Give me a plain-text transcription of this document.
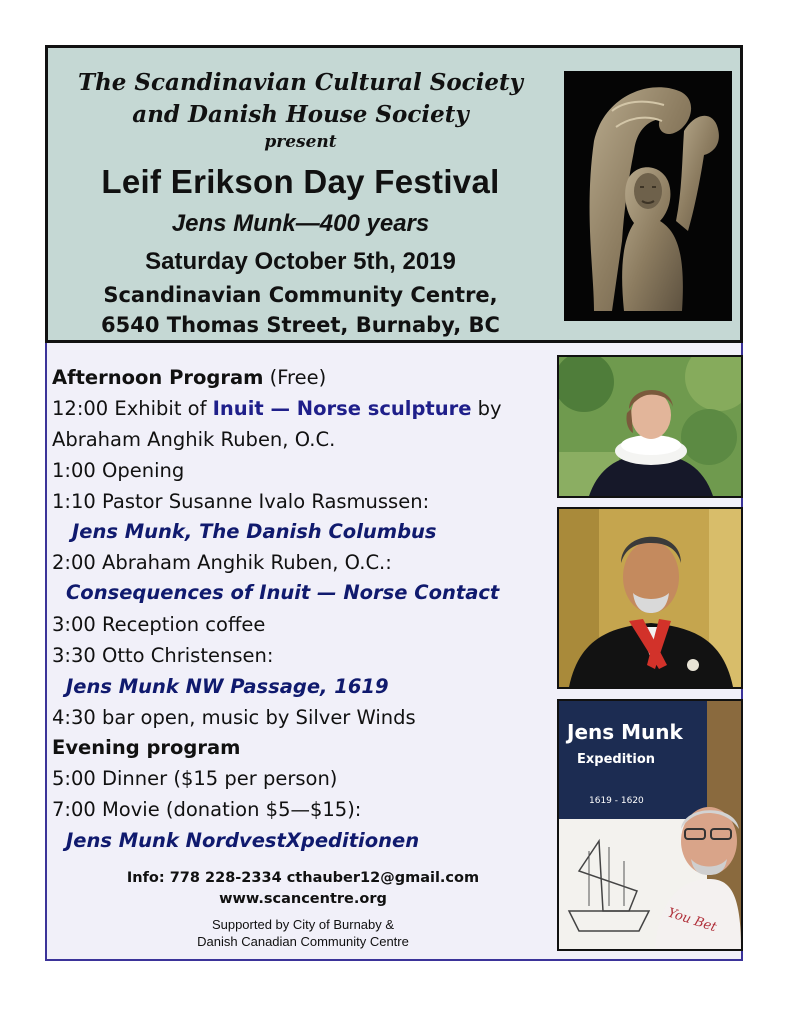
The Scandinavian Cultural Society
and Danish House Society
present
Leif Erikson Day Festival
Jens Munk—400 years
Saturday October 5th, 2019
Scandinavian Community Centre,
6540 Thomas Street, Burnaby, BC
Afternoon Program (Free)
12:00 Exhibit of Inuit — Norse sculpture by
Abraham Anghik Ruben, O.C.
1:00 Opening
1:10 Pastor Susanne Ivalo Rasmussen:
Jens Munk, The Danish Columbus
2:00 Abraham Anghik Ruben, O.C.:
Consequences of Inuit — Norse Contact
3:00 Reception coffee
3:30 Otto Christensen:
Jens Munk NW Passage, 1619
4:30 bar open, music by Silver Winds
Evening program
5:00 Dinner ($15 per person)
7:00 Movie (donation $5—$15):
Jens Munk NordvestXpeditionen
Info: 778 228-2334 cthauber12@gmail.com
www.scancentre.org
Supported by City of Burnaby &
Danish Canadian Community Centre
Jens Munk
Expedition
1619 - 1620
You Bet
